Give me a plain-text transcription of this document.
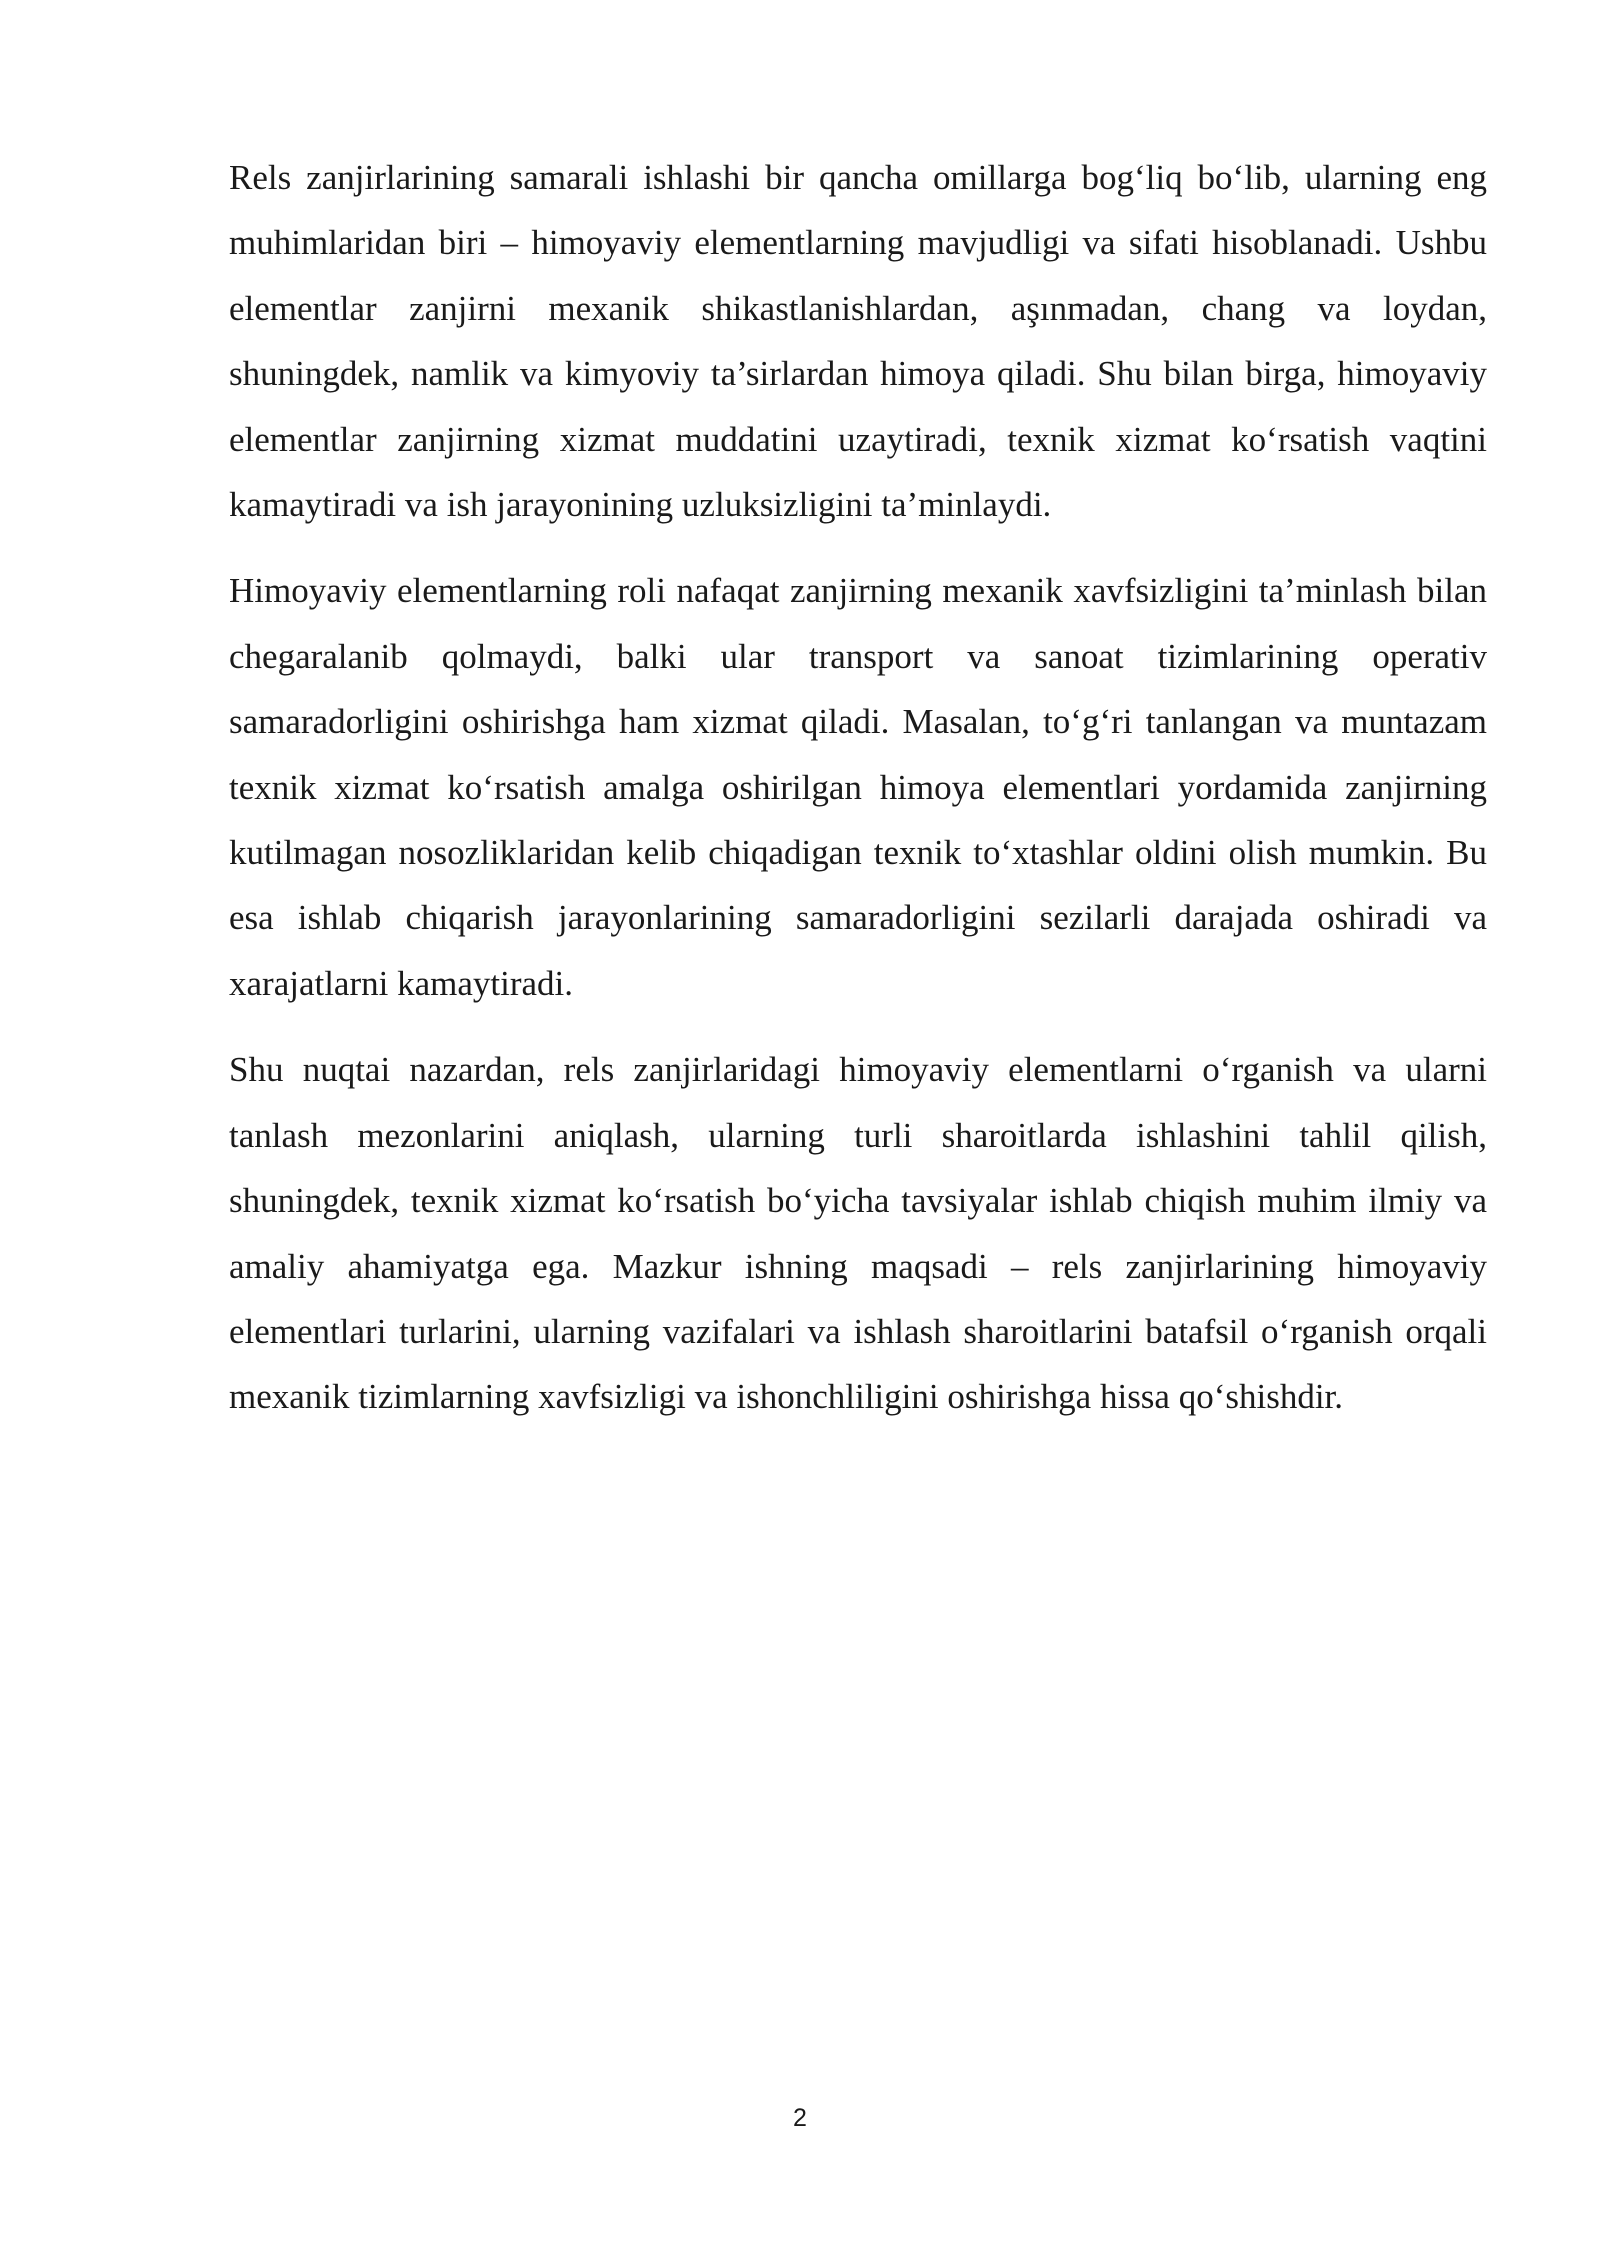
Rels zanjirlarining samarali ishlashi bir qancha omillarga bogʻliq boʻlib, ularning eng muhimlaridan biri – himoyaviy elementlarning mavjudligi va sifati hisoblanadi. Ushbu elementlar zanjirni mexanik shikastlanishlardan, aşınmadan, chang va loydan, shuningdek, namlik va kimyoviy ta’sirlardan himoya qiladi. Shu bilan birga, himoyaviy elementlar zanjirning xizmat muddatini uzaytiradi, texnik xizmat koʻrsatish vaqtini kamaytiradi va ish jarayonining uzluksizligini ta’minlaydi.

Himoyaviy elementlarning roli nafaqat zanjirning mexanik xavfsizligini ta’minlash bilan chegaralanib qolmaydi, balki ular transport va sanoat tizimlarining operativ samaradorligini oshirishga ham xizmat qiladi. Masalan, toʻgʻri tanlangan va muntazam texnik xizmat koʻrsatish amalga oshirilgan himoya elementlari yordamida zanjirning kutilmagan nosozliklaridan kelib chiqadigan texnik toʻxtashlar oldini olish mumkin. Bu esa ishlab chiqarish jarayonlarining samaradorligini sezilarli darajada oshiradi va xarajatlarni kamaytiradi.

Shu nuqtai nazardan, rels zanjirlaridagi himoyaviy elementlarni oʻrganish va ularni tanlash mezonlarini aniqlash, ularning turli sharoitlarda ishlashini tahlil qilish, shuningdek, texnik xizmat koʻrsatish boʻyicha tavsiyalar ishlab chiqish muhim ilmiy va amaliy ahamiyatga ega. Mazkur ishning maqsadi – rels zanjirlarining himoyaviy elementlari turlarini, ularning vazifalari va ishlash sharoitlarini batafsil oʻrganish orqali mexanik tizimlarning xavfsizligi va ishonchliligini oshirishga hissa qoʻshishdir.

2
